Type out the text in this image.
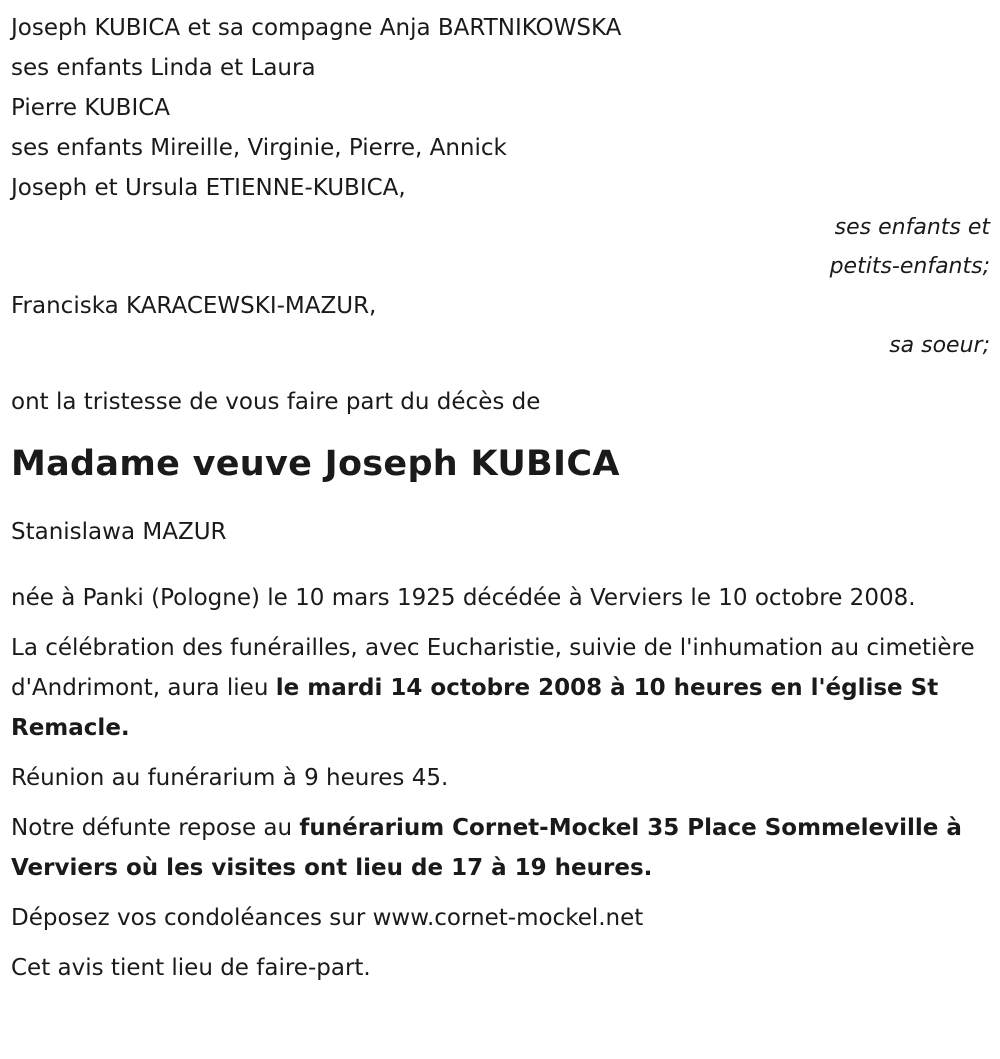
Joseph KUBICA et sa compagne Anja BARTNIKOWSKA
ses enfants Linda et Laura
Pierre KUBICA
ses enfants Mireille, Virginie, Pierre, Annick
Joseph et Ursula ETIENNE-KUBICA,
ses enfants et
petits-enfants;
Franciska KARACEWSKI-MAZUR,
sa soeur;
ont la tristesse de vous faire part du décès de
Madame veuve Joseph KUBICA
Stanislawa MAZUR

née à Panki (Pologne) le 10 mars 1925 décédée à Verviers le 10 octobre 2008.

La célébration des funérailles, avec Eucharistie, suivie de l'inhumation au cimetière d'Andrimont, aura lieu le mardi 14 octobre 2008 à 10 heures en l'église St Remacle.

Réunion au funérarium à 9 heures 45.

Notre défunte repose au funérarium Cornet-Mockel 35 Place Sommeleville à Verviers où les visites ont lieu de 17 à 19 heures.

Déposez vos condoléances sur www.cornet-mockel.net

Cet avis tient lieu de faire-part.
